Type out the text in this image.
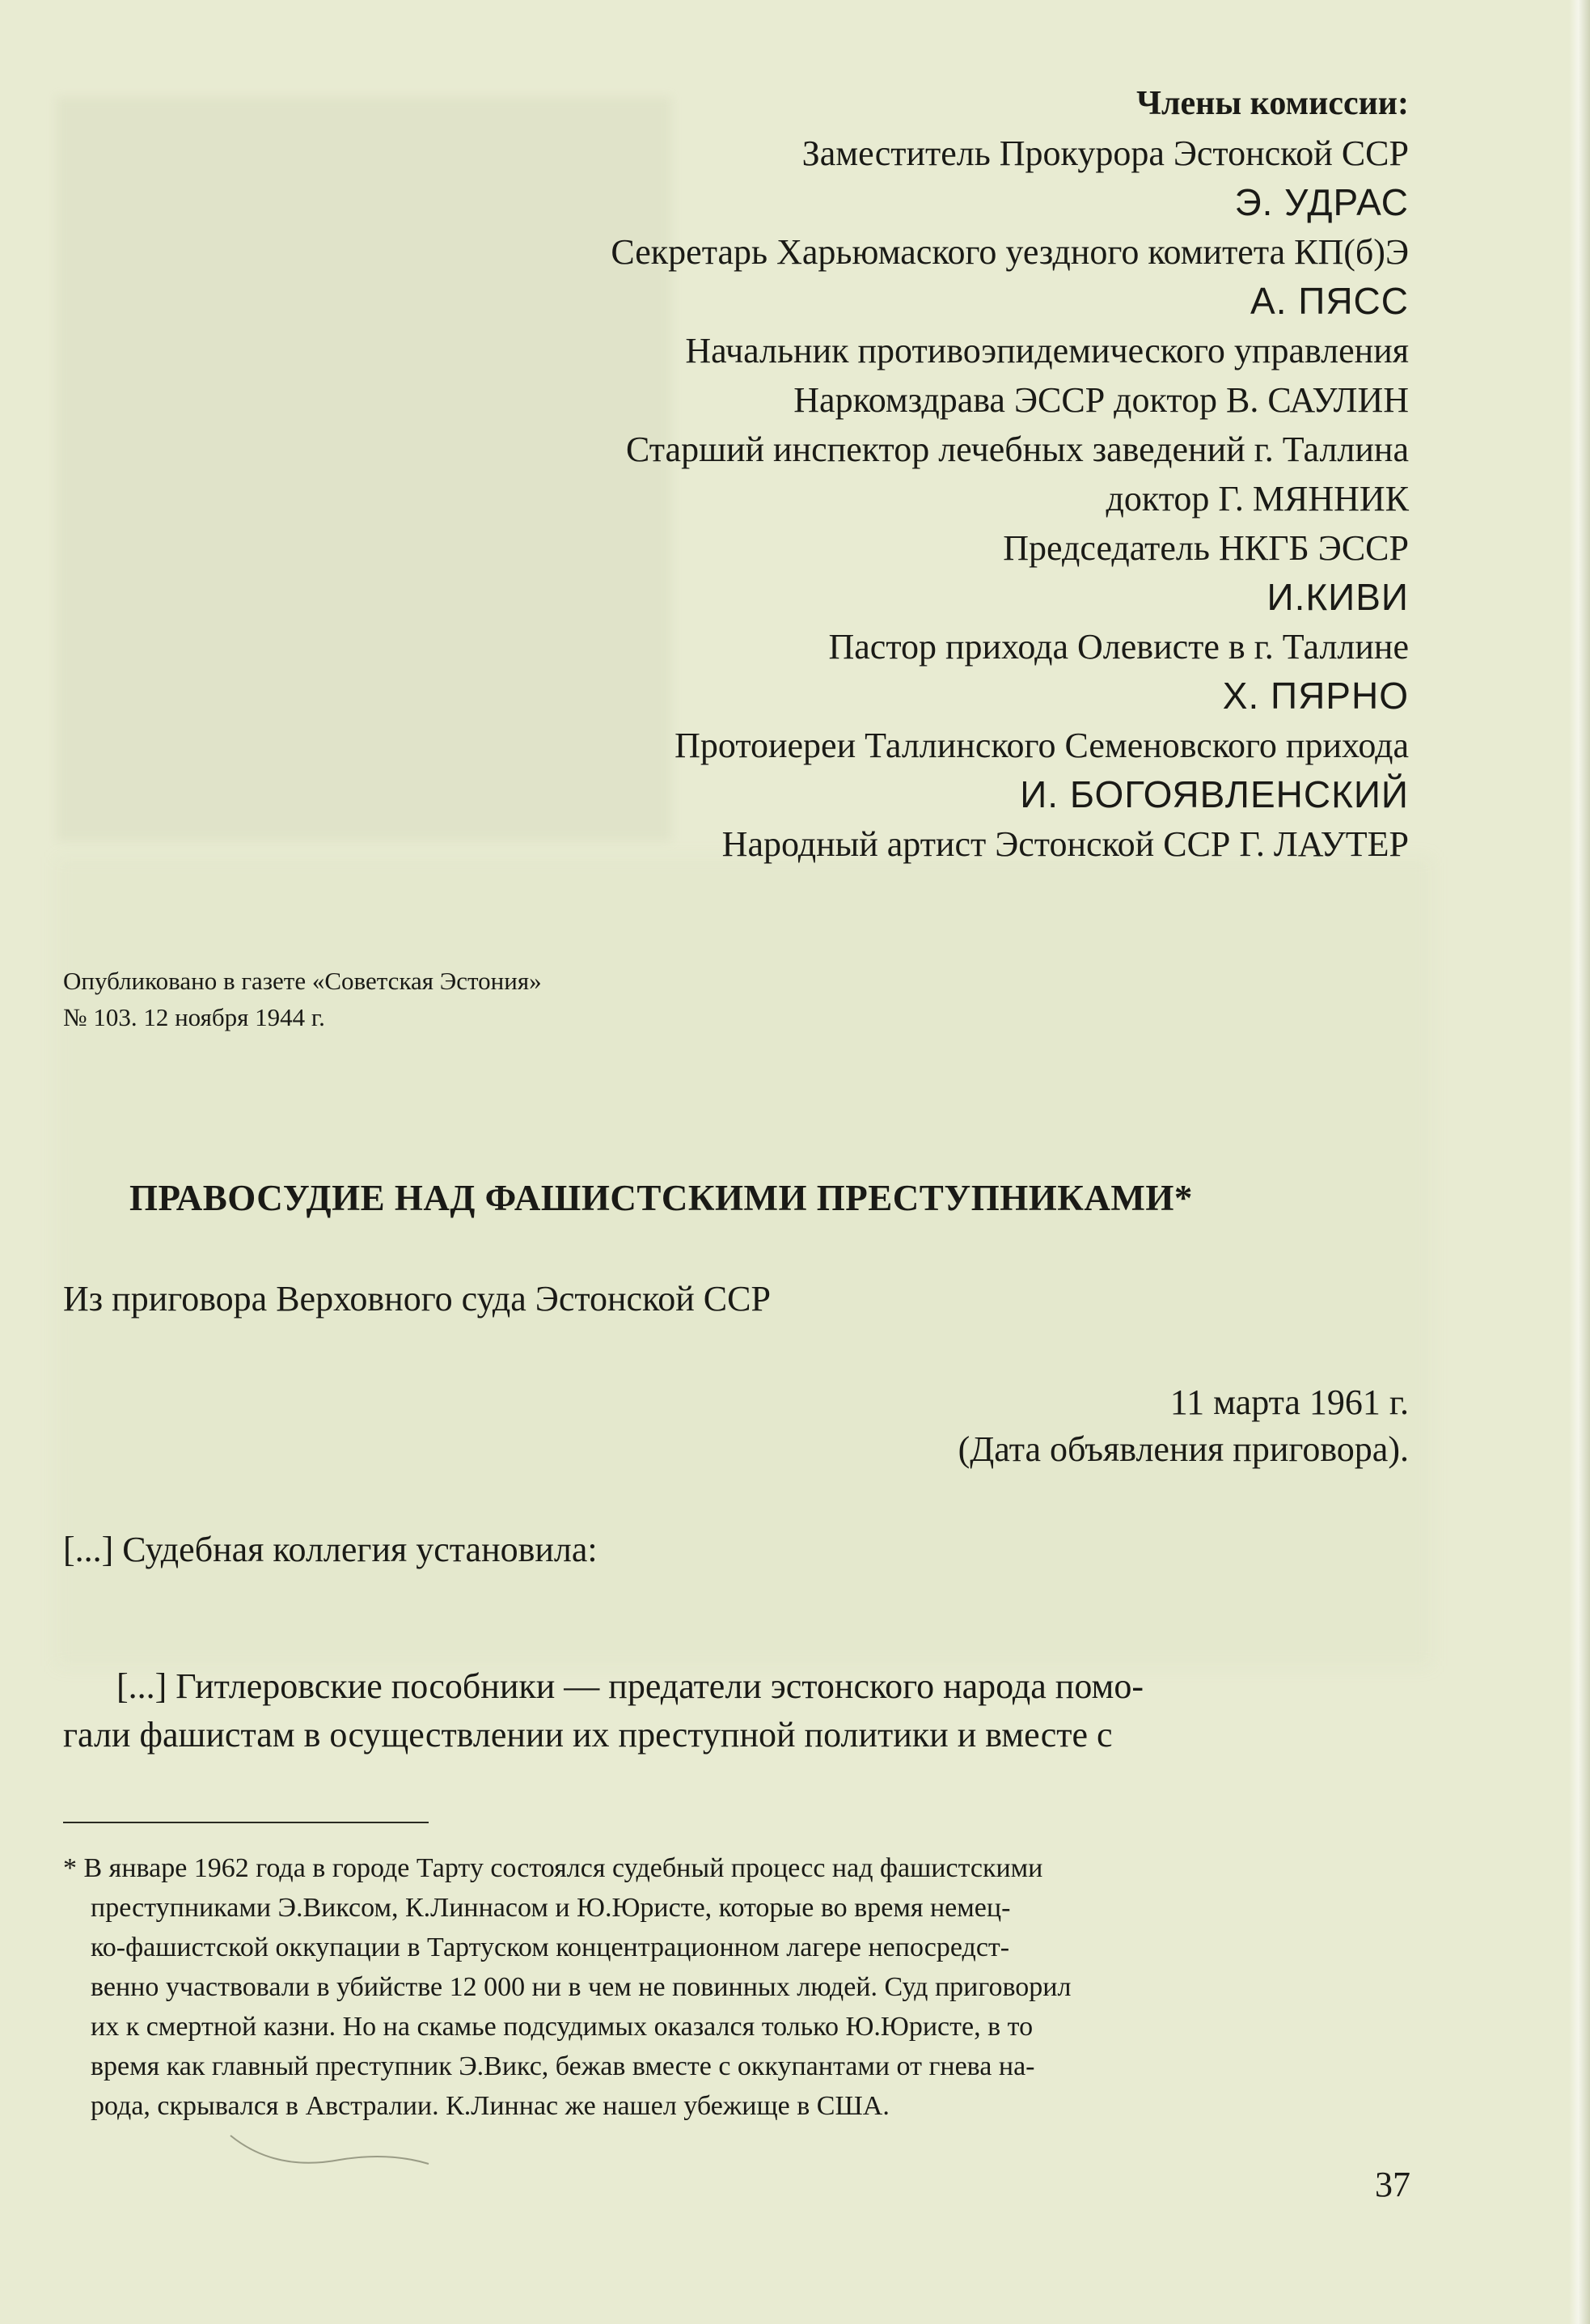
Члены комиссии:
Заместитель Прокурора Эстонской ССР
Э. УДРАС
Секретарь Харьюмаского уездного комитета КП(б)Э
А. ПЯСС
Начальник противоэпидемического управления
Наркомздрава ЭССР доктор В. САУЛИН
Старший инспектор лечебных заведений г. Таллина
доктор Г. МЯННИК
Председатель НКГБ ЭССР
И.КИВИ
Пастор прихода Олевисте в г. Таллине
Х. ПЯРНО
Протоиереи Таллинского Семеновского прихода
И. БОГОЯВЛЕНСКИЙ
Народный артист Эстонской ССР Г. ЛАУТЕР
Опубликовано в газете «Советская Эстония»
№ 103. 12 ноября 1944 г.
ПРАВОСУДИЕ НАД ФАШИСТСКИМИ ПРЕСТУПНИКАМИ*
Из приговора Верховного суда Эстонской ССР
11 марта 1961 г.
(Дата объявления приговора).
[...] Судебная коллегия установила:
[...] Гитлеровские пособники — предатели эстонского народа помо-
гали фашистам в осуществлении их преступной политики и вместе с
* В январе 1962 года в городе Тарту состоялся судебный процесс над фашистскими
преступниками Э.Виксом, К.Линнасом и Ю.Юристе, которые во время немец-
ко-фашистской оккупации в Тартуском концентрационном лагере непосредст-
венно участвовали в убийстве 12 000 ни в чем не повинных людей. Суд приговорил
их к смертной казни. Но на скамье подсудимых оказался только Ю.Юристе, в то
время как главный преступник Э.Викс, бежав вместе с оккупантами от гнева на-
рода, скрывался в Австралии. К.Линнас же нашел убежище в США.
37
